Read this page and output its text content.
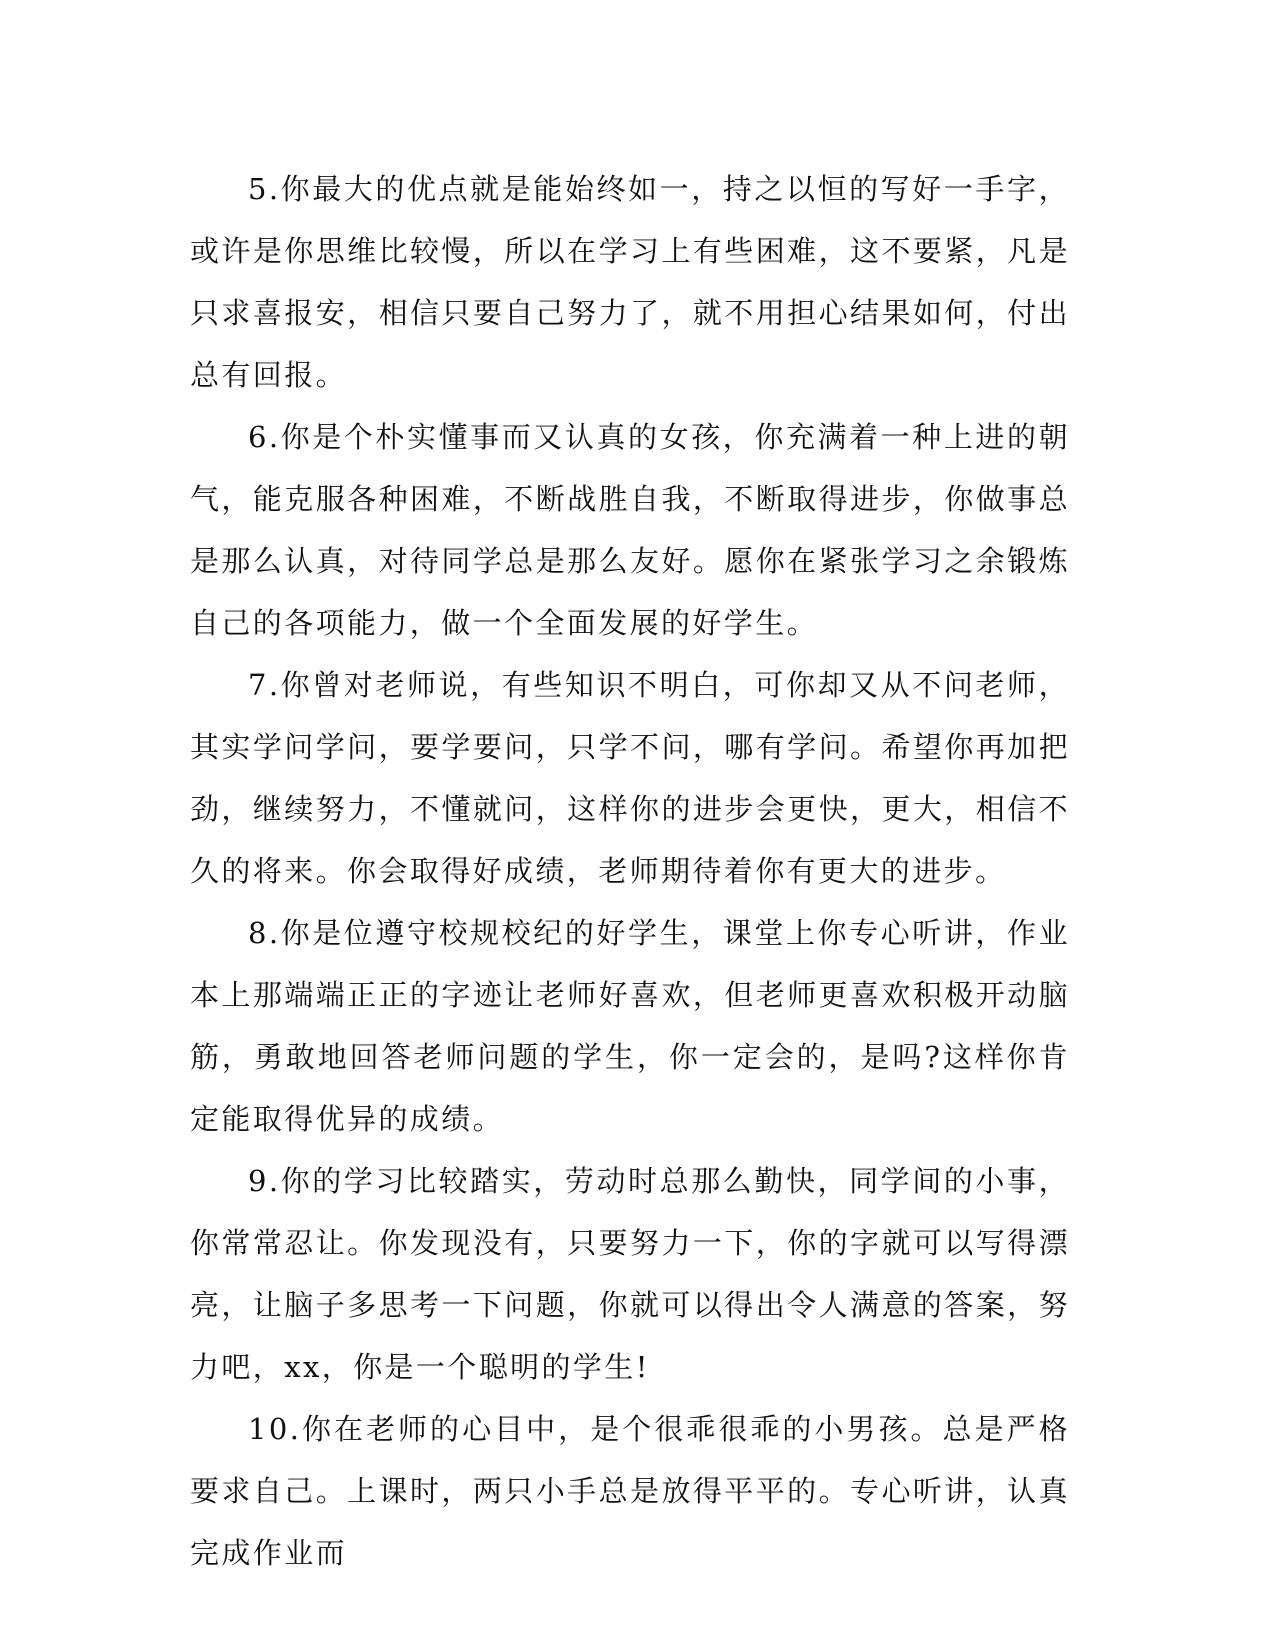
5.你最大的优点就是能始终如一，持之以恒的写好一手字，或许是你思维比较慢，所以在学习上有些困难，这不要紧，凡是只求喜报安，相信只要自己努力了，就不用担心结果如何，付出总有回报。

6.你是个朴实懂事而又认真的女孩，你充满着一种上进的朝气，能克服各种困难，不断战胜自我，不断取得进步，你做事总是那么认真，对待同学总是那么友好。愿你在紧张学习之余锻炼自己的各项能力，做一个全面发展的好学生。

7.你曾对老师说，有些知识不明白，可你却又从不问老师，其实学问学问，要学要问，只学不问，哪有学问。希望你再加把劲，继续努力，不懂就问，这样你的进步会更快，更大，相信不久的将来。你会取得好成绩，老师期待着你有更大的进步。

8.你是位遵守校规校纪的好学生，课堂上你专心听讲，作业本上那端端正正的字迹让老师好喜欢，但老师更喜欢积极开动脑筋，勇敢地回答老师问题的学生，你一定会的，是吗?这样你肯定能取得优异的成绩。

9.你的学习比较踏实，劳动时总那么勤快，同学间的小事，你常常忍让。你发现没有，只要努力一下，你的字就可以写得漂亮，让脑子多思考一下问题，你就可以得出令人满意的答案，努力吧，xx，你是一个聪明的学生!

10.你在老师的心目中，是个很乖很乖的小男孩。总是严格要求自己。上课时，两只小手总是放得平平的。专心听讲，认真完成作业而
